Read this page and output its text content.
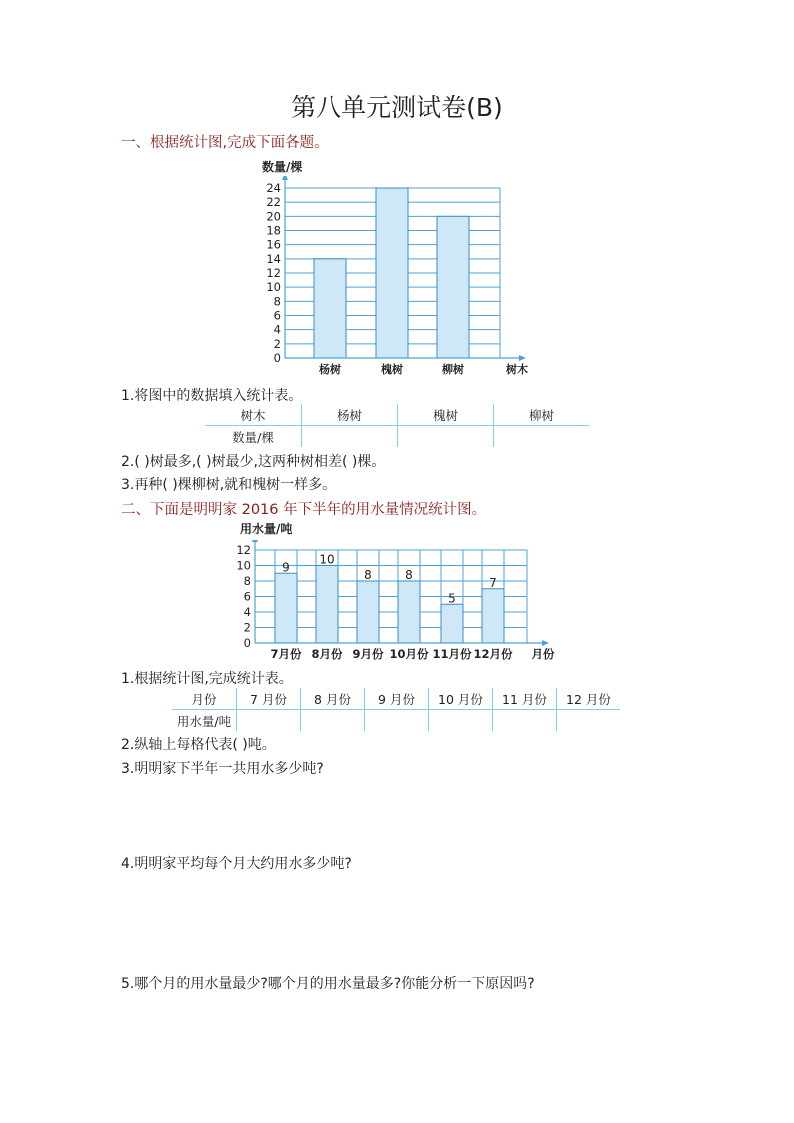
第八单元测试卷(B)
一、根据统计图,完成下面各题。
数量/棵
0
2
4
6
8
10
12
14
16
18
20
22
24
杨树	槐树	柳树	树木
1.将图中的数据填入统计表。
树木	杨树	槐树	柳树
数量/棵			
2.( )树最多,( )树最少,这两种树相差( )棵。
3.再种( )棵柳树,就和槐树一样多。
二、下面是明明家 2016 年下半年的用水量情况统计图。
用水量/吨
0
2
4
6
8
10
12
7月份
9
8月份
10
9月份
8
10月份
8
11月份
5
12月份
7
月份
1.根据统计图,完成统计表。
月份	7 月份	8 月份	9 月份	10 月份	11 月份	12 月份
用水量/吨						
2.纵轴上每格代表( )吨。
3.明明家下半年一共用水多少吨?
4.明明家平均每个月大约用水多少吨?
5.哪个月的用水量最少?哪个月的用水量最多?你能分析一下原因吗?
